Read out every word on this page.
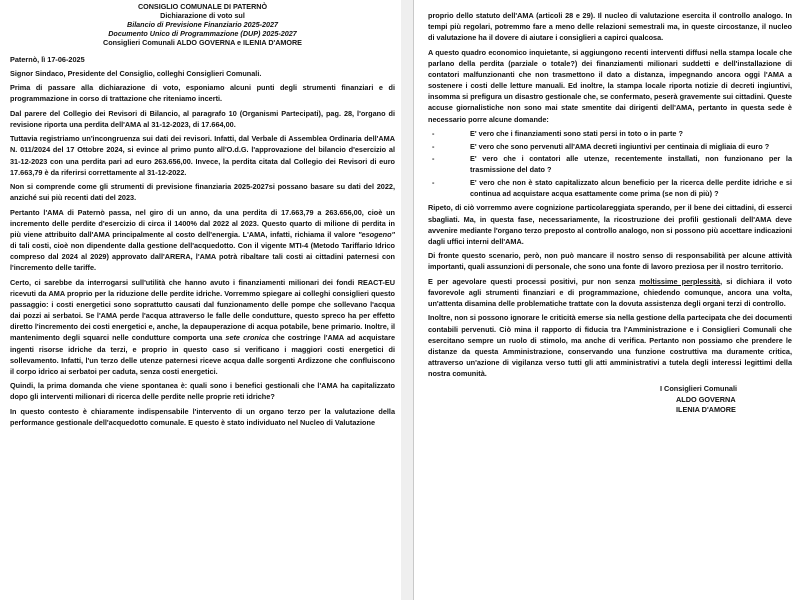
CONSIGLIO COMUNALE DI PATERNÒ
Dichiarazione di voto sul
Bilancio di Previsione Finanziario 2025-2027
Documento Unico di Programmazione (DUP) 2025-2027
Consiglieri Comunali ALDO GOVERNA e ILENIA D'AMORE

Paternò, lì 17-06-2025

Signor Sindaco, Presidente del Consiglio, colleghi Consiglieri Comunali.

Prima di passare alla dichiarazione di voto, esponiamo alcuni punti degli strumenti finanziari e di programmazione in corso di trattazione che riteniamo incerti.

Dal parere del Collegio dei Revisori di Bilancio, al paragrafo 10 (Organismi Partecipati), pag. 28, l'organo di revisione riporta una perdita dell'AMA al 31-12-2023, di 17.664,00.

Tuttavia registriamo un'incongruenza sui dati dei revisori. Infatti, dal Verbale di Assemblea Ordinaria dell'AMA N. 011/2024 del 17 Ottobre 2024, si evince al primo punto all'O.d.G. l'approvazione del bilancio d'esercizio al 31-12-2023 con una perdita pari ad euro 263.656,00. Invece, la perdita citata dal Collegio dei Revisori di euro 17.663,79 è da riferirsi correttamente al 31-12-2022.

Non si comprende come gli strumenti di previsione finanziaria 2025-2027si possano basare su dati del 2022, anziché sui più recenti dati del 2023.

Pertanto l'AMA di Paternò passa, nel giro di un anno, da una perdita di 17.663,79 a 263.656,00, cioè un incremento delle perdite d'esercizio di circa il 1400% dal 2022 al 2023. Questo quarto di milione di perdita in più viene attribuito dall'AMA principalmente al costo dell'energia. L'AMA, infatti, richiama il valore "esogeno" di tali costi, cioè non dipendente dalla gestione dell'acquedotto. Con il vigente MTI-4 (Metodo Tariffario Idrico compreso dal 2024 al 2029) approvato dall'ARERA, l'AMA potrà ribaltare tali costi ai cittadini paternesi con l'incremento delle tariffe.

Certo, ci sarebbe da interrogarsi sull'utilità che hanno avuto i finanziamenti milionari dei fondi REACT-EU ricevuti da AMA proprio per la riduzione delle perdite idriche. Vorremmo spiegare ai colleghi consiglieri questo passaggio: i costi energetici sono soprattutto causati dal funzionamento delle pompe che sollevano l'acqua dai pozzi ai serbatoi. Se l'AMA perde l'acqua attraverso le falle delle condutture, questo spreco ha per effetto diretto l'incremento dei costi energetici e, anche, la depauperazione di acqua potabile, bene primario. Inoltre, il mantenimento degli squarci nelle condutture comporta una sete cronica che costringe l'AMA ad acquistare ingenti risorse idriche da terzi, e proprio in questo caso si verificano i maggiori costi energetici di sollevamento. Infatti, l'un terzo delle utenze paternesi riceve acqua dalle sorgenti Ardizzone che confluiscono il corpo idrico ai serbatoi per caduta, senza costi energetici.

Quindi, la prima domanda che viene spontanea è: quali sono i benefici gestionali che l'AMA ha capitalizzato dopo gli interventi milionari di ricerca delle perdite nelle proprie reti idriche?

In questo contesto è chiaramente indispensabile l'intervento di un organo terzo per la valutazione della performance gestionale dell'acquedotto comunale. E questo è stato individuato nel Nucleo di Valutazione

proprio dello statuto dell'AMA (articoli 28 e 29). Il nucleo di valutazione esercita il controllo analogo. In tempi più regolari, potremmo fare a meno delle relazioni semestrali ma, in queste circostanze, il nucleo di valutazione ha il dovere di aiutare i consiglieri a capirci qualcosa.

A questo quadro economico inquietante, si aggiungono recenti interventi diffusi nella stampa locale che parlano della perdita (parziale o totale?) dei finanziamenti milionari suddetti e dell'installazione di contatori malfunzionanti che non trasmettono il dato a distanza, impegnando ancora oggi l'AMA a sostenere i costi delle letture manuali. Ed inoltre, la stampa locale riporta notizie di decreti ingiuntivi, insomma si prefigura un disastro gestionale che, se confermato, peserà gravemente sui cittadini. Queste accuse giornalistiche non sono mai state smentite dai dirigenti dell'AMA, pertanto in questa sede è necessario porre alcune domande:

-	E' vero che i finanziamenti sono stati persi in toto o in parte ?
-	E' vero che sono pervenuti all'AMA decreti ingiuntivi per centinaia di migliaia di euro ?
-	E' vero che i contatori alle utenze, recentemente installati, non funzionano per la trasmissione del dato ?
-	E' vero che non è stato capitalizzato alcun beneficio per la ricerca delle perdite idriche e si continua ad acquistare acqua esattamente come prima (se non di più) ?

Ripeto, di ciò vorremmo avere cognizione particolareggiata sperando, per il bene dei cittadini, di esserci sbagliati. Ma, in questa fase, necessariamente, la ricostruzione dei profili gestionali dell'AMA deve avvenire mediante l'organo terzo preposto al controllo analogo, non si possono più accettare indicazioni dagli uffici interni dell'AMA.

Di fronte questo scenario, però, non può mancare il nostro senso di responsabilità per alcune attività importanti, quali assunzioni di personale, che sono una fonte di lavoro preziosa per il nostro territorio.

E per agevolare questi processi positivi, pur non senza moltissime perplessità, si dichiara il voto favorevole agli strumenti finanziari e di programmazione, chiedendo comunque, ancora una volta, un'attenta disamina delle problematiche trattate con la dovuta assistenza degli organi terzi di controllo.

Inoltre, non si possono ignorare le criticità emerse sia nella gestione della partecipata che dei documenti contabili pervenuti. Ciò mina il rapporto di fiducia tra l'Amministrazione e i Consiglieri Comunali che esercitano sempre un ruolo di stimolo, ma anche di verifica. Pertanto non possiamo che prendere le distanze da questa Amministrazione, conservando una funzione costruttiva ma duramente critica, attraverso un'azione di vigilanza verso tutti gli atti amministrativi a tutela degli interessi legittimi della nostra comunità.

I Consiglieri Comunali
ALDO GOVERNA
ILENIA D'AMORE
